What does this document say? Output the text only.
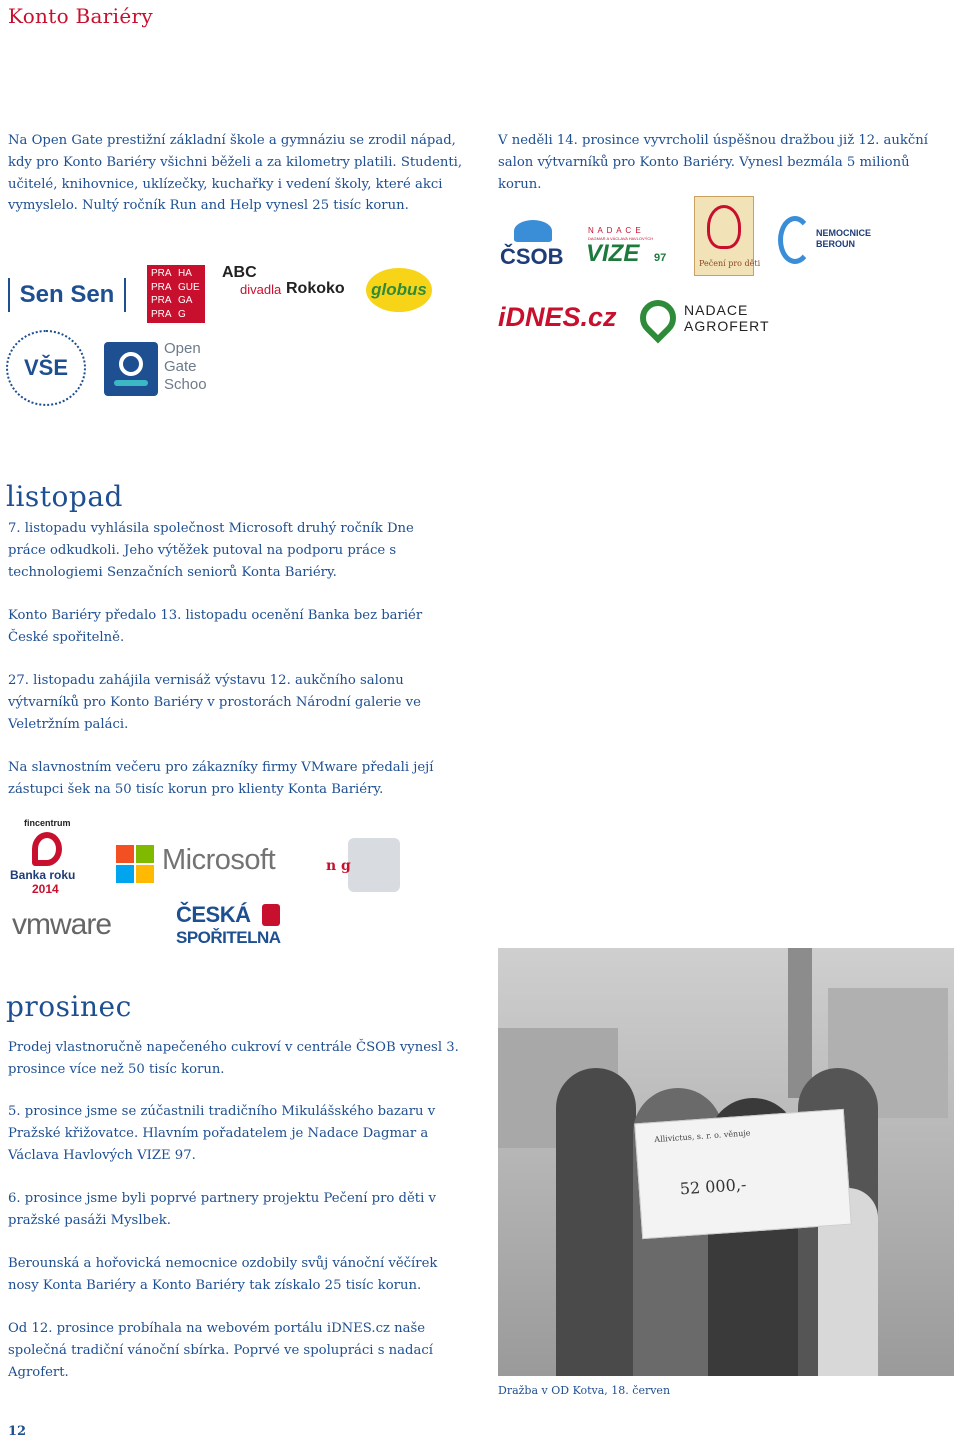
Konto Bariéry

Na Open Gate prestižní základní škole a gymnáziu se zrodil nápad, kdy pro Konto Bariéry všichni běželi a za kilometry platili. Studenti, učitelé, knihovnice, uklízečky, kuchařky i vedení školy, které akci vymyslelo. Nultý ročník Run and Help vynesl 25 tisíc korun.

V neděli 14. prosince vyvrcholil úspěšnou dražbou již 12. aukční salon výtvarníků pro Konto Bariéry. Vynesl bezmála 5 milionů korun.

Sen Sen
PRA HA
PRA GUE
PRA GA
PRA G
ABC
divadla Rokoko globus
VŠE
Open
Gate
Schoo
ČSOB
N A D A C E
DAGMAR A VÁCLAVA HAVLOVÝCH
VIZE 97	Pečení pro děti
NEMOCNICE
BEROUN
iDNES.cz	NADACE
AGROFERT
listopad

7. listopadu vyhlásila společnost Microsoft druhý ročník Dne práce odkudkoli. Jeho výtěžek putoval na podporu práce s technologiemi Senzačních seniorů Konta Bariéry.

Konto Bariéry předalo 13. listopadu ocenění Banka bez bariér České spořitelně.

27. listopadu zahájila vernisáž výstavu 12. aukčního salonu výtvarníků pro Konto Bariéry v prostorách Národní galerie ve Veletržním paláci.

Na slavnostním večeru pro zákazníky firmy VMware předali její zástupci šek na 50 tisíc korun pro klienty Konta Bariéry.

fincentrum
Banka roku
2014
Microsoft	n g
vmware	ČESKÁ
SPOŘITELNA
prosinec

Prodej vlastnoručně napečeného cukroví v centrále ČSOB vynesl 3. prosince více než 50 tisíc korun.

5. prosince jsme se zúčastnili tradičního Mikulášského bazaru v Pražské křižovatce. Hlavním pořadatelem je Nadace Dagmar a Václava Havlových VIZE 97.

6. prosince jsme byli poprvé partnery projektu Pečení pro děti v pražské pasáži Myslbek.

Berounská a hořovická nemocnice ozdobily svůj vánoční věčírek nosy Konta Bariéry a Konto Bariéry tak získalo 25 tisíc korun.

Od 12. prosince probíhala na webovém portálu iDNES.cz naše společná tradiční vánoční sbírka. Poprvé ve spolupráci s nadací Agrofert.

Allivictus, s. r. o. věnuje
52 000,-
Dražba v OD Kotva, 18. červen
12
